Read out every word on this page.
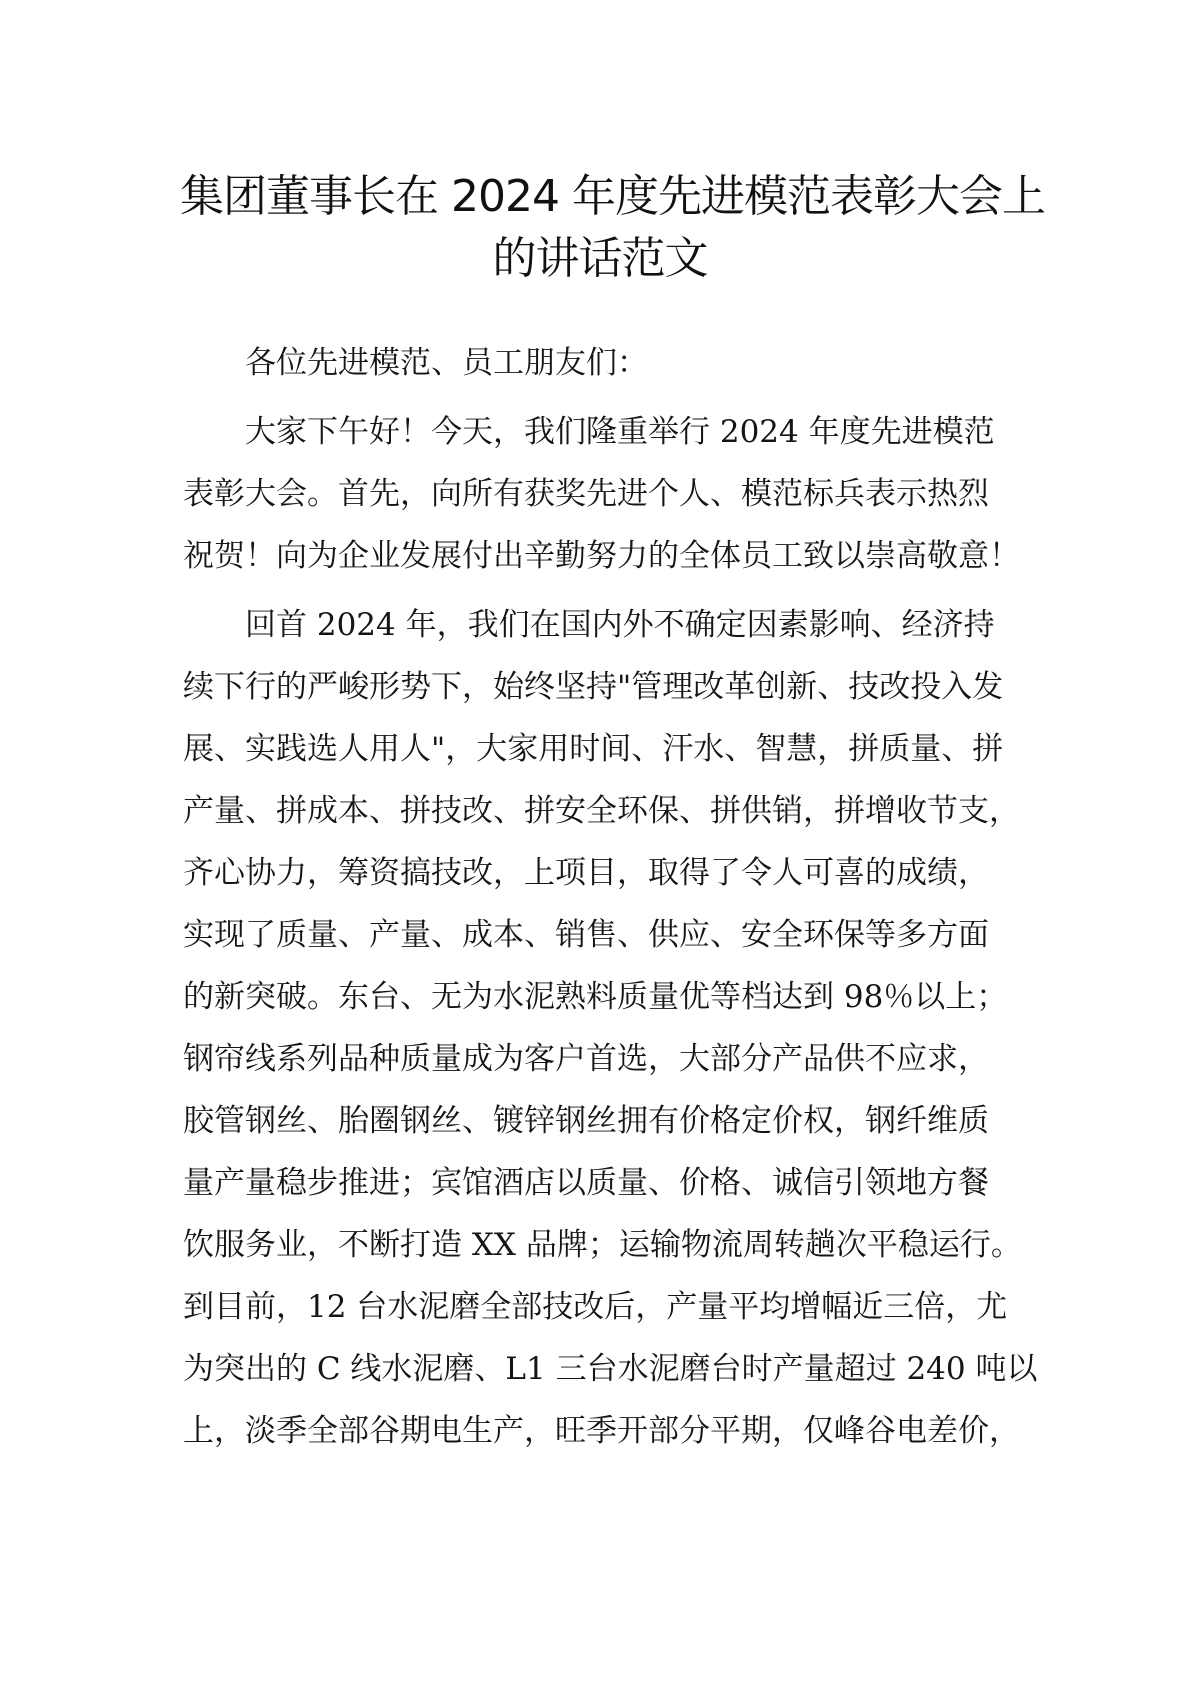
集团董事长在 2024 年度先进模范表彰大会上
的讲话范文

各位先进模范、员工朋友们：

大家下午好！今天，我们隆重举行 2024 年度先进模范
表彰大会。首先，向所有获奖先进个人、模范标兵表示热烈
祝贺！向为企业发展付出辛勤努力的全体员工致以崇高敬意！

回首 2024 年，我们在国内外不确定因素影响、经济持
续下行的严峻形势下，始终坚持"管理改革创新、技改投入发
展、实践选人用人"，大家用时间、汗水、智慧，拼质量、拼
产量、拼成本、拼技改、拼安全环保、拼供销，拼增收节支，
齐心协力，筹资搞技改，上项目，取得了令人可喜的成绩，
实现了质量、产量、成本、销售、供应、安全环保等多方面
的新突破。东台、无为水泥熟料质量优等档达到 98％以上；
钢帘线系列品种质量成为客户首选，大部分产品供不应求，
胶管钢丝、胎圈钢丝、镀锌钢丝拥有价格定价权，钢纤维质
量产量稳步推进；宾馆酒店以质量、价格、诚信引领地方餐
饮服务业，不断打造 XX 品牌；运输物流周转趟次平稳运行。
到目前，12 台水泥磨全部技改后，产量平均增幅近三倍，尤
为突出的 C 线水泥磨、L1 三台水泥磨台时产量超过 240 吨以
上，淡季全部谷期电生产，旺季开部分平期，仅峰谷电差价，
